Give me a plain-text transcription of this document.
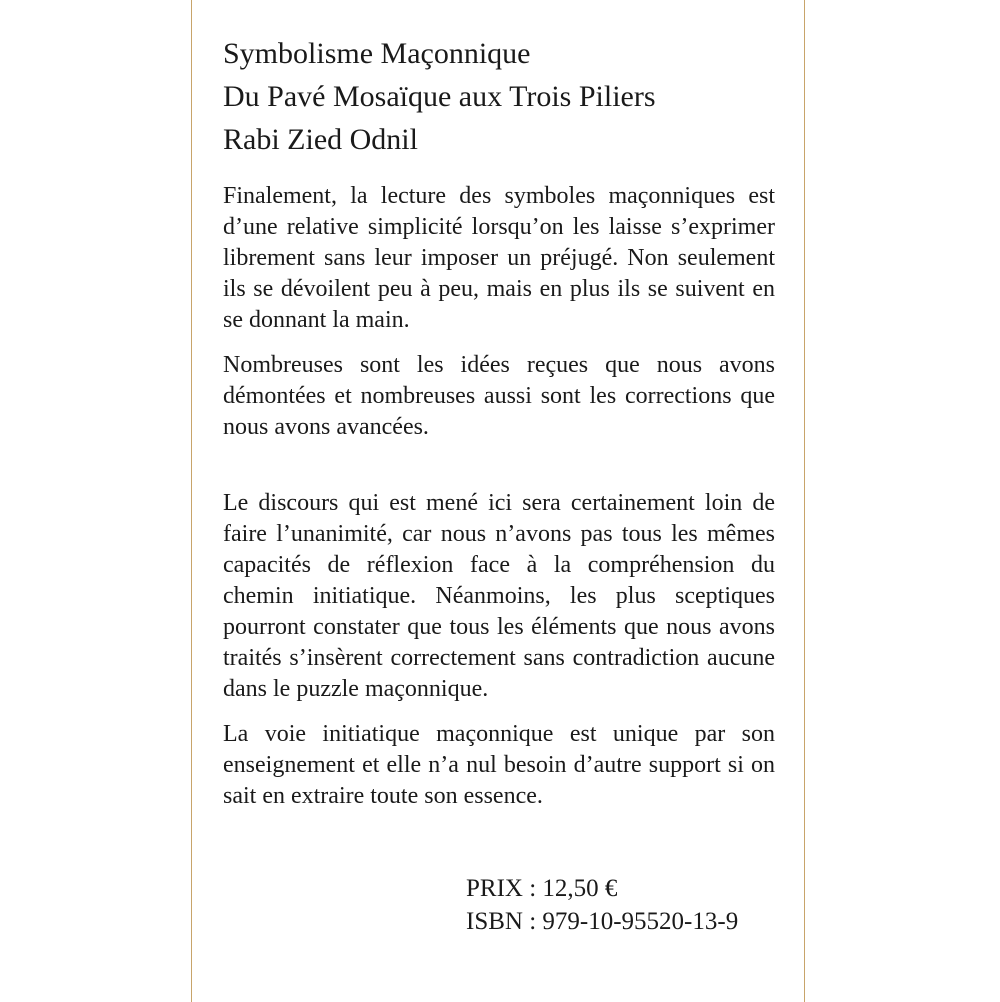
Symbolisme Maçonnique
Du Pavé Mosaïque aux Trois Piliers
Rabi Zied Odnil

Finalement, la lecture des symboles maçonniques est d’une relative simplicité lorsqu’on les laisse s’exprimer librement sans leur imposer un préjugé. Non seulement ils se dévoilent peu à peu, mais en plus ils se suivent en se donnant la main.

Nombreuses sont les idées reçues que nous avons démontées et nombreuses aussi sont les corrections que nous avons avancées.

Le discours qui est mené ici sera certainement loin de faire l’unanimité, car nous n’avons pas tous les mêmes capacités de réflexion face à la compréhension du chemin initiatique. Néanmoins, les plus sceptiques pourront constater que tous les éléments que nous avons traités s’insèrent correctement sans contradiction aucune dans le puzzle maçonnique.

La voie initiatique maçonnique est unique par son enseignement et elle n’a nul besoin d’autre support si on sait en extraire toute son essence.

PRIX : 12,50 €
ISBN : 979-10-95520-13-9
